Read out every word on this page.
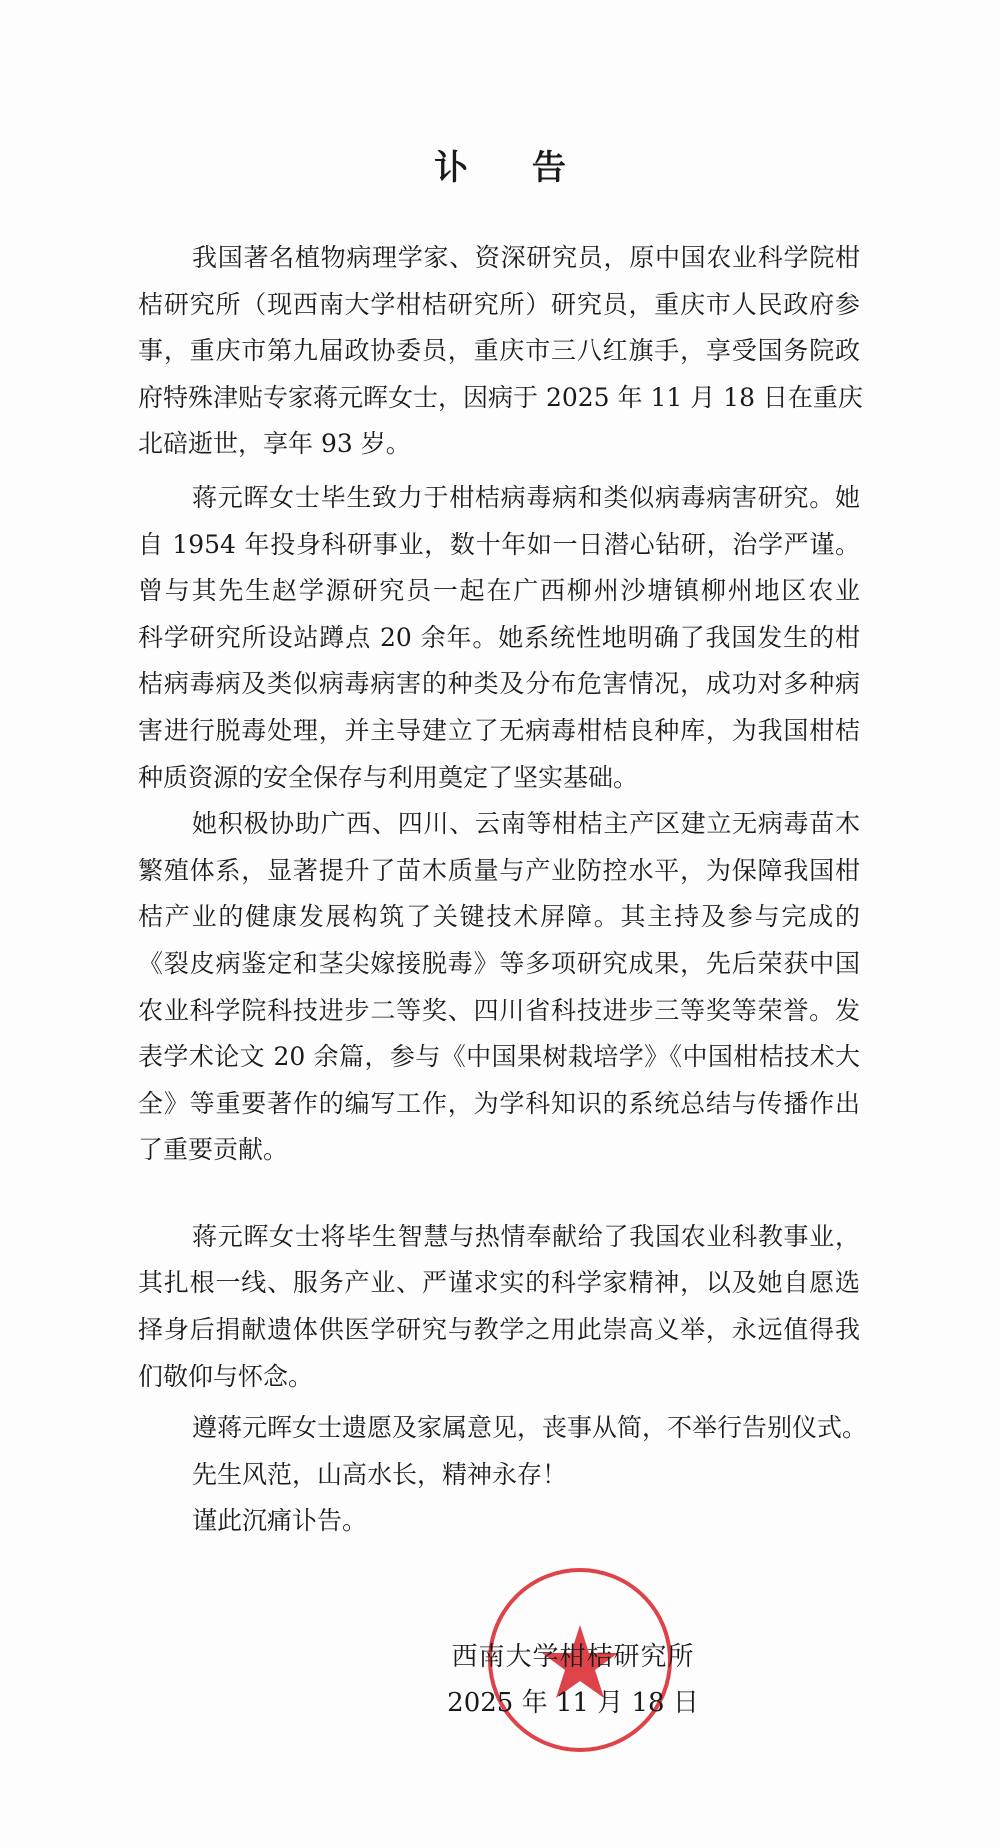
讣 告
我国著名植物病理学家、资深研究员，原中国农业科学院柑
桔研究所（现西南大学柑桔研究所）研究员，重庆市人民政府参
事，重庆市第九届政协委员，重庆市三八红旗手，享受国务院政
府特殊津贴专家蒋元晖女士，因病于 2025 年 11 月 18 日在重庆
北碚逝世，享年 93 岁。
蒋元晖女士毕生致力于柑桔病毒病和类似病毒病害研究。她
自 1954 年投身科研事业，数十年如一日潜心钻研，治学严谨。
曾与其先生赵学源研究员一起在广西柳州沙塘镇柳州地区农业
科学研究所设站蹲点 20 余年。她系统性地明确了我国发生的柑
桔病毒病及类似病毒病害的种类及分布危害情况，成功对多种病
害进行脱毒处理，并主导建立了无病毒柑桔良种库，为我国柑桔
种质资源的安全保存与利用奠定了坚实基础。
她积极协助广西、四川、云南等柑桔主产区建立无病毒苗木
繁殖体系，显著提升了苗木质量与产业防控水平，为保障我国柑
桔产业的健康发展构筑了关键技术屏障。其主持及参与完成的
《裂皮病鉴定和茎尖嫁接脱毒》等多项研究成果，先后荣获中国
农业科学院科技进步二等奖、四川省科技进步三等奖等荣誉。发
表学术论文 20 余篇，参与《中国果树栽培学》《中国柑桔技术大
全》等重要著作的编写工作，为学科知识的系统总结与传播作出
了重要贡献。
蒋元晖女士将毕生智慧与热情奉献给了我国农业科教事业，
其扎根一线、服务产业、严谨求实的科学家精神，以及她自愿选
择身后捐献遗体供医学研究与教学之用此崇高义举，永远值得我
们敬仰与怀念。
遵蒋元晖女士遗愿及家属意见，丧事从简，不举行告别仪式。
先生风范，山高水长，精神永存！
谨此沉痛讣告。
西南大学柑桔研究所
2025 年 11 月 18 日
